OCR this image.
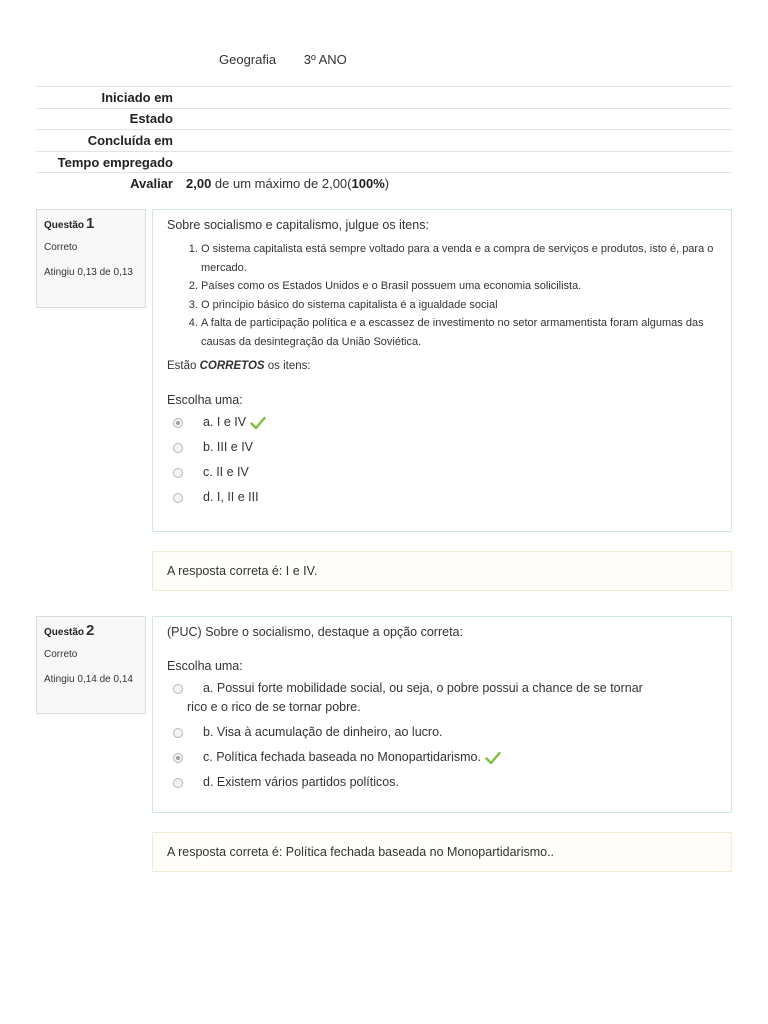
Geografia 3º ANO
Iniciado em
Estado
Concluída em
Tempo empregado
Avaliar	2,00 de um máximo de 2,00(100%)
Questão 1
Correto
Atingiu 0,13 de 0,13
Sobre socialismo e capitalismo, julgue os itens:
1. O sistema capitalista está sempre voltado para a venda e a compra de serviços e produtos, isto é, para o mercado.
2. Países como os Estados Unidos e o Brasil possuem uma economia solicilista.
3. O princípio básico do sistema capitalista é a igualdade social
4. A falta de participação política e a escassez de investimento no setor armamentista foram algumas das causas da desintegração da União Soviética.
Estão CORRETOS os itens:
Escolha uma:
a. I e IV
b. III e IV
c. II e IV
d. I, II e III
A resposta correta é: I e IV.
Questão 2
Correto
Atingiu 0,14 de 0,14
(PUC) Sobre o socialismo, destaque a opção correta:
Escolha uma:
a. Possui forte mobilidade social, ou seja, o pobre possui a chance de se tornar
rico e o rico de se tornar pobre.
b. Visa à acumulação de dinheiro, ao lucro.
c. Política fechada baseada no Monopartidarismo.
d. Existem vários partidos políticos.
A resposta correta é: Política fechada baseada no Monopartidarismo..
